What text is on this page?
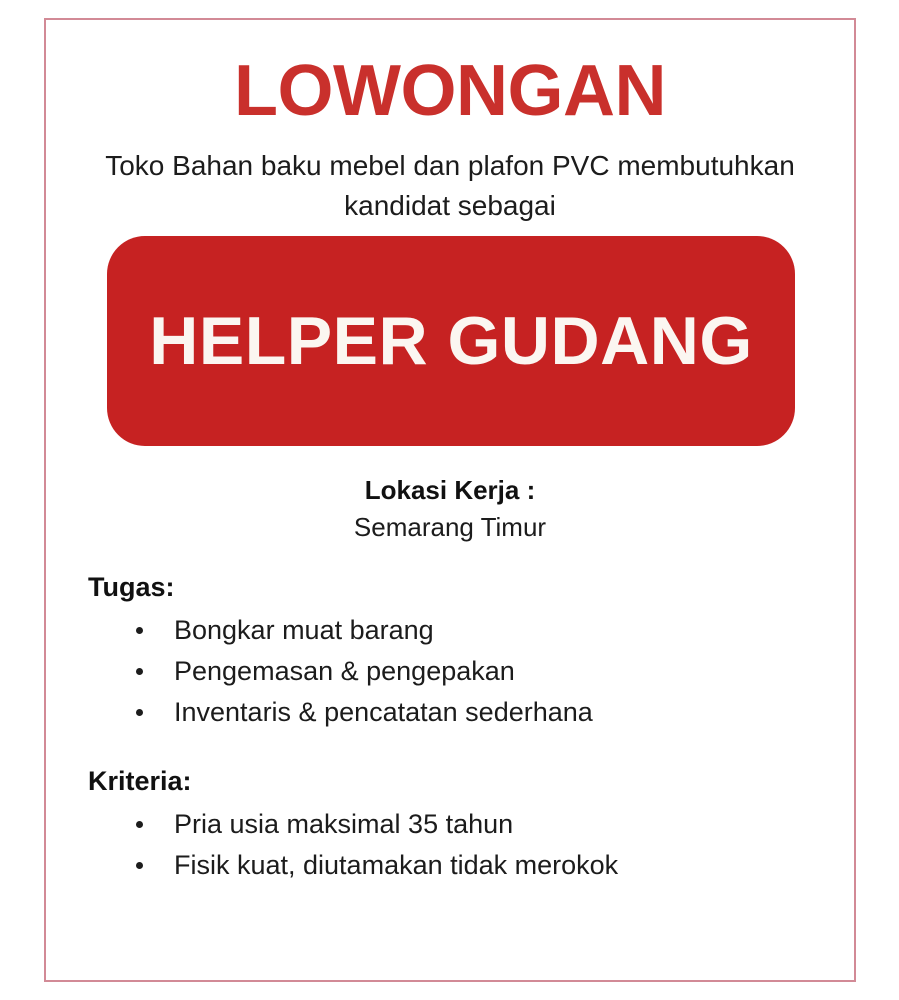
LOWONGAN
Toko Bahan baku mebel dan plafon PVC membutuhkan kandidat sebagai
HELPER GUDANG
Lokasi Kerja :
Semarang Timur
Tugas:
Bongkar muat barang
Pengemasan & pengepakan
Inventaris & pencatatan sederhana
Kriteria:
Pria usia maksimal 35 tahun
Fisik kuat, diutamakan tidak merokok
